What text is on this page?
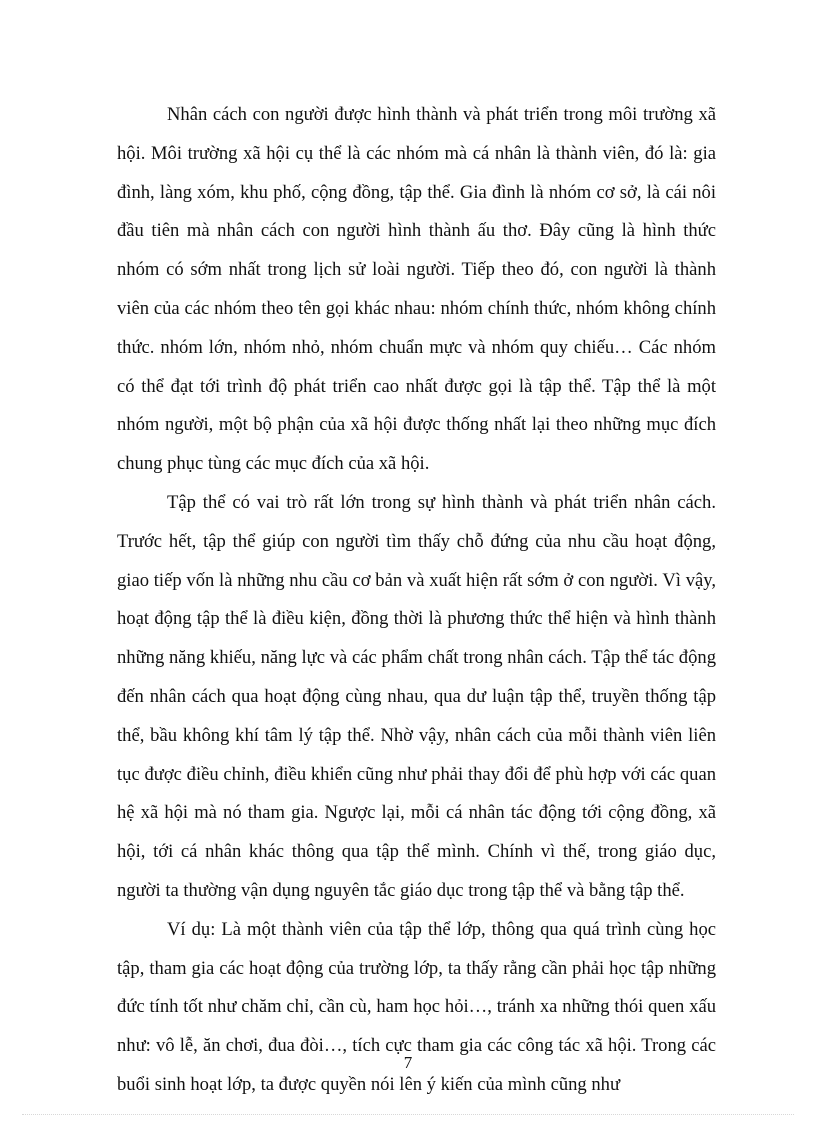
Nhân cách con người được hình thành và phát triển trong môi trường xã hội. Môi trường xã hội cụ thể là các nhóm mà cá nhân là thành viên, đó là: gia đình, làng xóm, khu phố, cộng đồng, tập thể. Gia đình là nhóm cơ sở, là cái nôi đầu tiên mà nhân cách con người hình thành ấu thơ. Đây cũng là hình thức nhóm có sớm nhất trong lịch sử loài người. Tiếp theo đó, con người là thành viên của các nhóm theo tên gọi khác nhau: nhóm chính thức, nhóm không chính thức. nhóm lớn, nhóm nhỏ, nhóm chuẩn mực và nhóm quy chiếu… Các nhóm có thể đạt tới trình độ phát triển cao nhất được gọi là tập thể. Tập thể là một nhóm người, một bộ phận của xã hội được thống nhất lại theo những mục đích chung phục tùng các mục đích của xã hội.

Tập thể có vai trò rất lớn trong sự hình thành và phát triển nhân cách. Trước hết, tập thể giúp con người tìm thấy chỗ đứng của nhu cầu hoạt động, giao tiếp vốn là những nhu cầu cơ bản và xuất hiện rất sớm ở con người. Vì vậy, hoạt động tập thể là điều kiện, đồng thời là phương thức thể hiện và hình thành những năng khiếu, năng lực và các phẩm chất trong nhân cách. Tập thể tác động đến nhân cách qua hoạt động cùng nhau, qua dư luận tập thể, truyền thống tập thể, bầu không khí tâm lý tập thể. Nhờ vậy, nhân cách của mỗi thành viên liên tục được điều chỉnh, điều khiển cũng như phải thay đổi để phù hợp với các quan hệ xã hội mà nó tham gia. Ngược lại, mỗi cá nhân tác động tới cộng đồng, xã hội, tới cá nhân khác thông qua tập thể mình. Chính vì thế, trong giáo dục, người ta thường vận dụng nguyên tắc giáo dục trong tập thể và bằng tập thể.

Ví dụ: Là một thành viên của tập thể lớp, thông qua quá trình cùng học tập, tham gia các hoạt động của trường lớp, ta thấy rằng cần phải học tập những đức tính tốt như chăm chỉ, cần cù, ham học hỏi…, tránh xa những thói quen xấu như: vô lễ, ăn chơi, đua đòi…, tích cực tham gia các công tác xã hội. Trong các buổi sinh hoạt lớp, ta được quyền nói lên ý kiến của mình cũng như

7
